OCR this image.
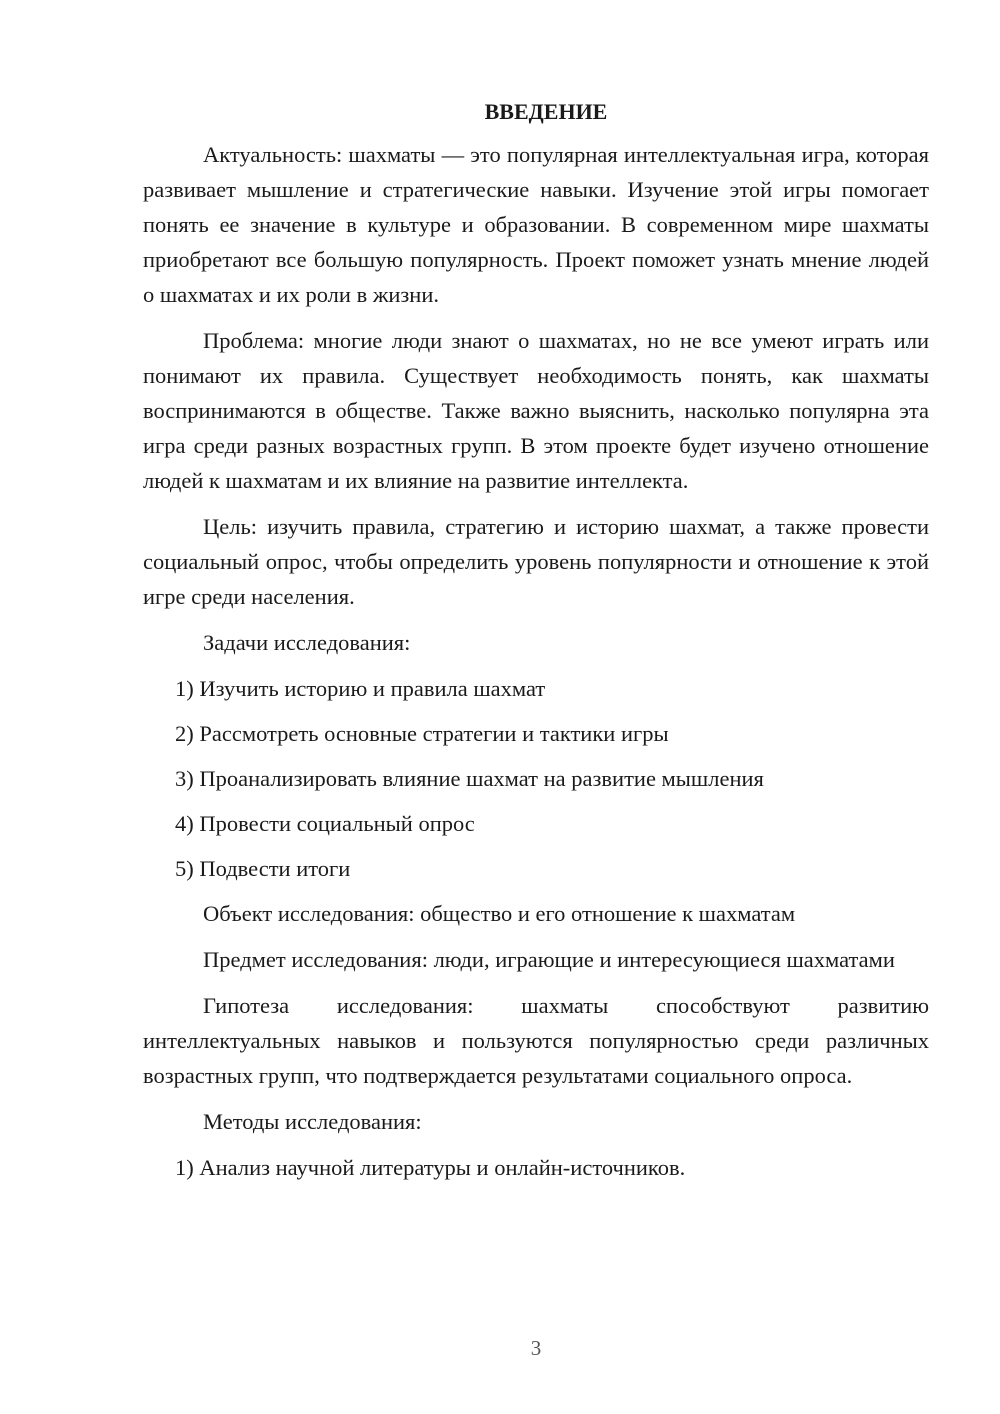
ВВЕДЕНИЕ

Актуальность: шахматы — это популярная интеллектуальная игра, которая развивает мышление и стратегические навыки. Изучение этой игры помогает понять ее значение в культуре и образовании. В современном мире шахматы приобретают все большую популярность. Проект поможет узнать мнение людей о шахматах и их роли в жизни.

Проблема: многие люди знают о шахматах, но не все умеют играть или понимают их правила. Существует необходимость понять, как шахматы воспринимаются в обществе. Также важно выяснить, насколько популярна эта игра среди разных возрастных групп. В этом проекте будет изучено отношение людей к шахматам и их влияние на развитие интеллекта.

Цель: изучить правила, стратегию и историю шахмат, а также провести социальный опрос, чтобы определить уровень популярности и отношение к этой игре среди населения.

Задачи исследования:

1) Изучить историю и правила шахмат
2) Рассмотреть основные стратегии и тактики игры
3) Проанализировать влияние шахмат на развитие мышления
4) Провести социальный опрос
5) Подвести итоги

Объект исследования: общество и его отношение к шахматам

Предмет исследования: люди, играющие и интересующиеся шахматами

Гипотеза исследования: шахматы способствуют развитию интеллектуальных навыков и пользуются популярностью среди различных возрастных групп, что подтверждается результатами социального опроса.

Методы исследования:

1) Анализ научной литературы и онлайн-источников.
3
